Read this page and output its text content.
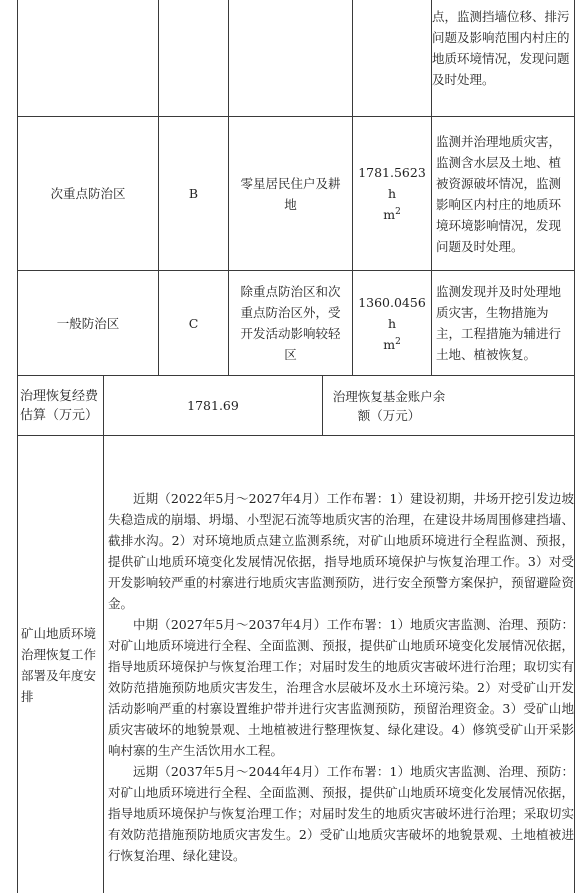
点，监测挡墙位移、排污问题及影响范围内村庄的地质环境情况，发现问题及时处理。
次重点防治区	B
零星居民住户及耕地
1781.5623h
$m^2$
监测并治理地质灾害，监测含水层及土地、植被资源破坏情况，监测影响区内村庄的地质环境环境影响情况，发现问题及时处理。
一般防治区	C
除重点防治区和次重点防治区外，受开发活动影响较轻区
1360.0456h
$m^2$
监测发现并及时处理地质灾害，生物措施为主，工程措施为辅进行土地、植被恢复。
治理恢复经费估算（万元）
1781.69
治理恢复基金账户余额（万元）
矿山地质环境治理恢复工作部署及年度安排

近期（2022年5月～2027年4月）工作布署：1）建设初期，井场开挖引发边坡失稳造成的崩塌、坍塌、小型泥石流等地质灾害的治理，在建设井场周围修建挡墙、截排水沟。2）对环境地质点建立监测系统，对矿山地质环境进行全程监测、预报，提供矿山地质环境变化发展情况依据，指导地质环境保护与恢复治理工作。3）对受开发影响较严重的村寨进行地质灾害监测预防，进行安全预警方案保护，预留避险资金。

中期（2027年5月～2037年4月）工作布署：1）地质灾害监测、治理、预防：对矿山地质环境进行全程、全面监测、预报，提供矿山地质环境变化发展情况依据，指导地质环境保护与恢复治理工作；对届时发生的地质灾害破坏进行治理；取切实有效防范措施预防地质灾害发生，治理含水层破坏及水土环境污染。2）对受矿山开发活动影响严重的村寨设置维护带并进行灾害监测预防，预留治理资金。3）受矿山地质灾害破坏的地貌景观、土地植被进行整理恢复、绿化建设。4）修筑受矿山开采影响村寨的生产生活饮用水工程。

远期（2037年5月～2044年4月）工作布署：1）地质灾害监测、治理、预防：对矿山地质环境进行全程、全面监测、预报，提供矿山地质环境变化发展情况依据，指导地质环境保护与恢复治理工作；对届时发生的地质灾害破坏进行治理；采取切实有效防范措施预防地质灾害发生。2）受矿山地质灾害破坏的地貌景观、土地植被进行恢复治理、绿化建设。
